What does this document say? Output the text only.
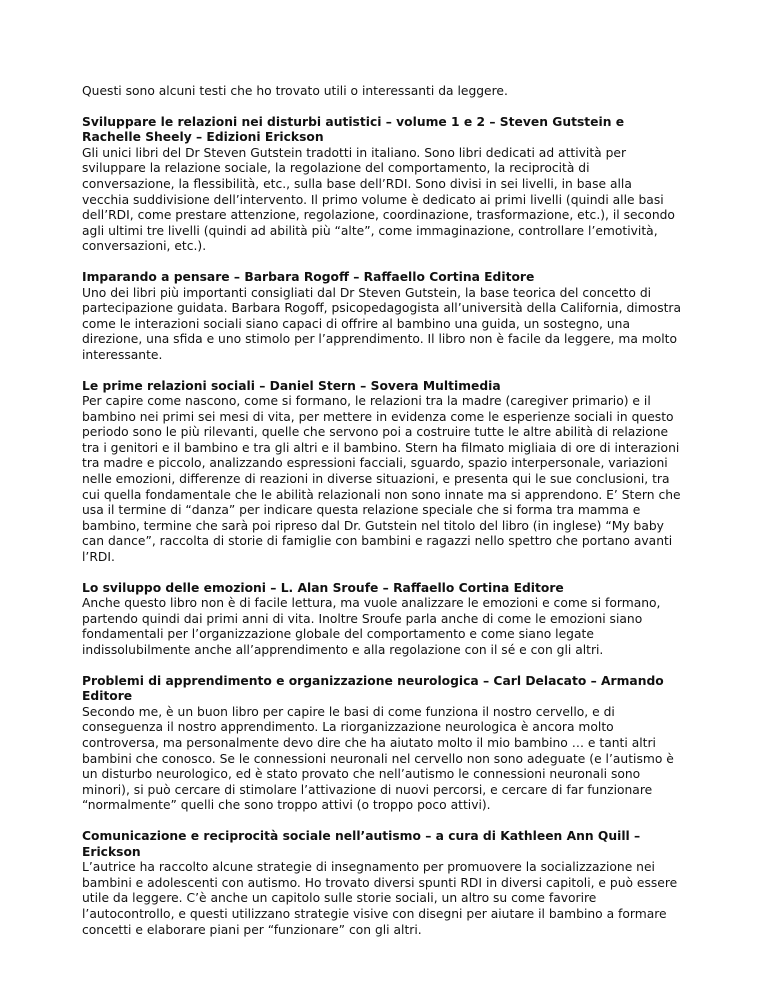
Questi sono alcuni testi che ho trovato utili o interessanti da leggere.

Sviluppare le relazioni nei disturbi autistici – volume 1 e 2 – Steven Gutstein e Rachelle Sheely – Edizioni Erickson

Gli unici libri del Dr Steven Gutstein tradotti in italiano. Sono libri dedicati ad attività per sviluppare la relazione sociale, la regolazione del comportamento, la reciprocità di conversazione, la flessibilità, etc., sulla base dell’RDI. Sono divisi in sei livelli, in base alla vecchia suddivisione dell’intervento. Il primo volume è dedicato ai primi livelli (quindi alle basi dell’RDI, come prestare attenzione, regolazione, coordinazione, trasformazione, etc.), il secondo agli ultimi tre livelli (quindi ad abilità più “alte”, come immaginazione, controllare l’emotività, conversazioni, etc.).

Imparando a pensare – Barbara Rogoff – Raffaello Cortina Editore

Uno dei libri più importanti consigliati dal Dr Steven Gutstein, la base teorica del concetto di partecipazione guidata. Barbara Rogoff, psicopedagogista all’università della California, dimostra come le interazioni sociali siano capaci di offrire al bambino una guida, un sostegno, una direzione, una sfida e uno stimolo per l’apprendimento. Il libro non è facile da leggere, ma molto interessante.

Le prime relazioni sociali – Daniel Stern – Sovera Multimedia

Per capire come nascono, come si formano, le relazioni tra la madre (caregiver primario) e il bambino nei primi sei mesi di vita, per mettere in evidenza come le esperienze sociali in questo periodo sono le più rilevanti, quelle che servono poi a costruire tutte le altre abilità di relazione tra i genitori e il bambino e tra gli altri e il bambino. Stern ha filmato migliaia di ore di interazioni tra madre e piccolo, analizzando espressioni facciali, sguardo, spazio interpersonale, variazioni nelle emozioni, differenze di reazioni in diverse situazioni, e presenta qui le sue conclusioni, tra cui quella fondamentale che le abilità relazionali non sono innate ma si apprendono. E’ Stern che usa il termine di “danza” per indicare questa relazione speciale che si forma tra mamma e bambino, termine che sarà poi ripreso dal Dr. Gutstein nel titolo del libro (in inglese) “My baby can dance”, raccolta di storie di famiglie con bambini e ragazzi nello spettro che portano avanti l’RDI.

Lo sviluppo delle emozioni – L. Alan Sroufe – Raffaello Cortina Editore

Anche questo libro non è di facile lettura, ma vuole analizzare le emozioni e come si formano, partendo quindi dai primi anni di vita. Inoltre Sroufe parla anche di come le emozioni siano fondamentali per l’organizzazione globale del comportamento e come siano legate indissolubilmente anche all’apprendimento e alla regolazione con il sé e con gli altri.

Problemi di apprendimento e organizzazione neurologica – Carl Delacato – Armando Editore

Secondo me, è un buon libro per capire le basi di come funziona il nostro cervello, e di conseguenza il nostro apprendimento. La riorganizzazione neurologica è ancora molto controversa, ma personalmente devo dire che ha aiutato molto il mio bambino … e tanti altri bambini che conosco. Se le connessioni neuronali nel cervello non sono adeguate (e l’autismo è un disturbo neurologico, ed è stato provato che nell’autismo le connessioni neuronali sono minori), si può cercare di stimolare l’attivazione di nuovi percorsi, e cercare di far funzionare “normalmente” quelli che sono troppo attivi (o troppo poco attivi).

Comunicazione e reciprocità sociale nell’autismo – a cura di Kathleen Ann Quill – Erickson

L’autrice ha raccolto alcune strategie di insegnamento per promuovere la socializzazione nei bambini e adolescenti con autismo. Ho trovato diversi spunti RDI in diversi capitoli, e può essere utile da leggere. C’è anche un capitolo sulle storie sociali, un altro su come favorire l’autocontrollo, e questi utilizzano strategie visive con disegni per aiutare il bambino a formare concetti e elaborare piani per “funzionare” con gli altri.
